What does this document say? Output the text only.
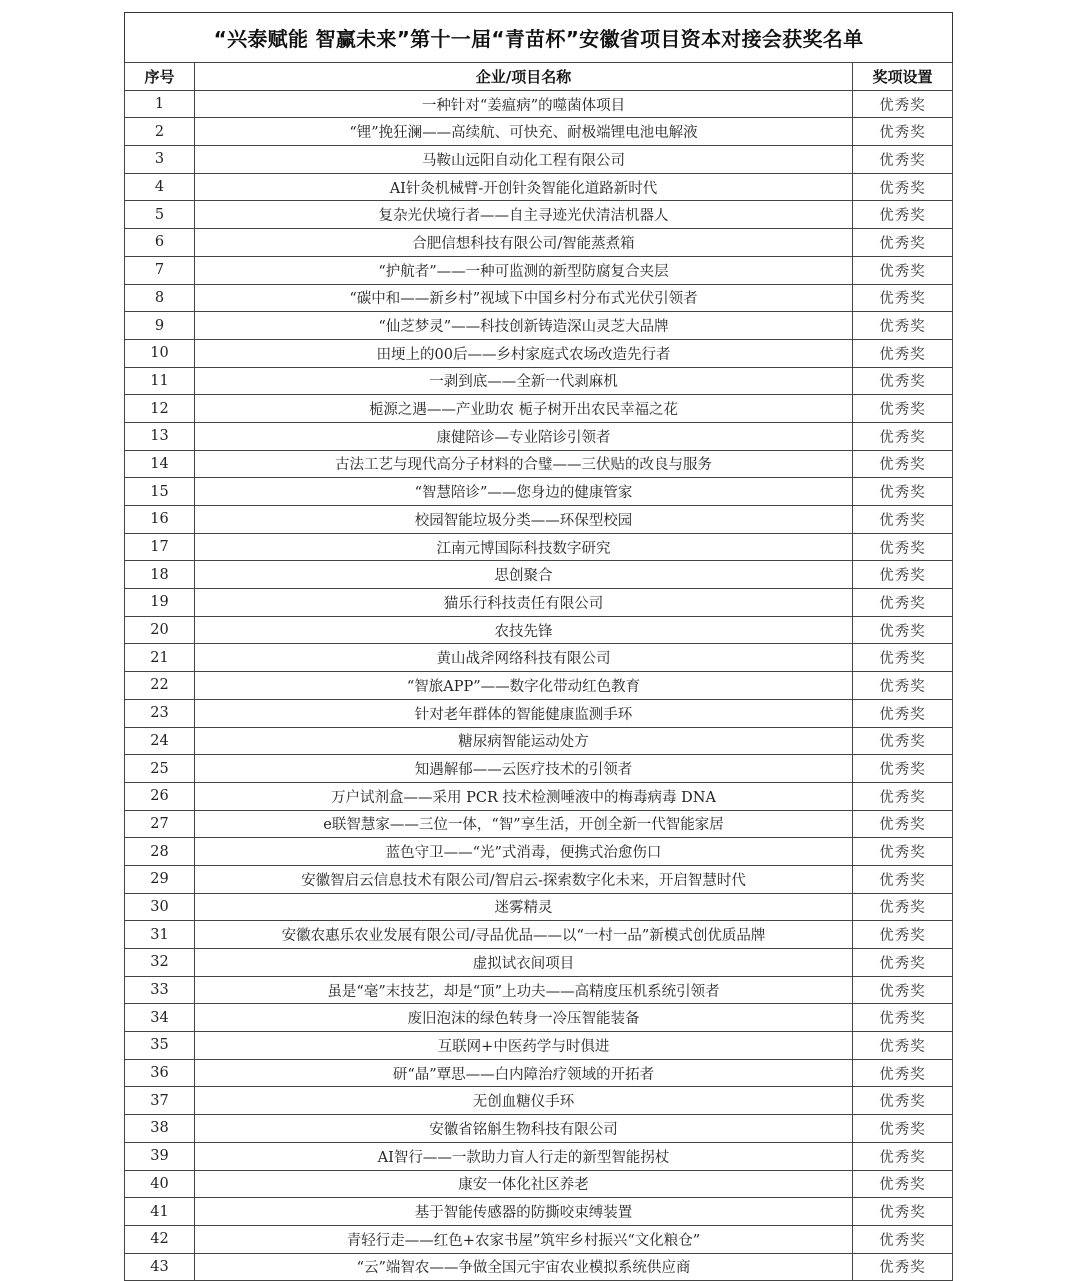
“兴泰赋能 智赢未来”第十一届“青苗杯”安徽省项目资本对接会获奖名单
序号	企业/项目名称	奖项设置
1	一种针对“姜瘟病”的噬菌体项目	优秀奖
2	“锂”挽狂澜——高续航、可快充、耐极端锂电池电解液	优秀奖
3	马鞍山远阳自动化工程有限公司	优秀奖
4	AI针灸机械臂-开创针灸智能化道路新时代	优秀奖
5	复杂光伏境行者——自主寻迹光伏清洁机器人	优秀奖
6	合肥信想科技有限公司/智能蒸煮箱	优秀奖
7	“护航者”——一种可监测的新型防腐复合夹层	优秀奖
8	“碳中和——新乡村”视域下中国乡村分布式光伏引领者	优秀奖
9	“仙芝梦灵”——科技创新铸造深山灵芝大品牌	优秀奖
10	田埂上的00后——乡村家庭式农场改造先行者	优秀奖
11	一剥到底——全新一代剥麻机	优秀奖
12	栀源之遇——产业助农 栀子树开出农民幸福之花	优秀奖
13	康健陪诊—专业陪诊引领者	优秀奖
14	古法工艺与现代高分子材料的合璧——三伏贴的改良与服务	优秀奖
15	“智慧陪诊”——您身边的健康管家	优秀奖
16	校园智能垃圾分类——环保型校园	优秀奖
17	江南元博国际科技数字研究	优秀奖
18	思创聚合	优秀奖
19	猫乐行科技责任有限公司	优秀奖
20	农技先锋	优秀奖
21	黄山战斧网络科技有限公司	优秀奖
22	“智旅APP”——数字化带动红色教育	优秀奖
23	针对老年群体的智能健康监测手环	优秀奖
24	糖尿病智能运动处方	优秀奖
25	知遇解郁——云医疗技术的引领者	优秀奖
26	万户试剂盒——采用 PCR 技术检测唾液中的梅毒病毒 DNA	优秀奖
27	e联智慧家——三位一体，“智”享生活，开创全新一代智能家居	优秀奖
28	蓝色守卫——“光”式消毒，便携式治愈伤口	优秀奖
29	安徽智启云信息技术有限公司/智启云-探索数字化未来，开启智慧时代	优秀奖
30	迷雾精灵	优秀奖
31	安徽农惠乐农业发展有限公司/寻品优品——以“一村一品”新模式创优质品牌	优秀奖
32	虚拟试衣间项目	优秀奖
33	虽是“毫”末技艺，却是“顶”上功夫——高精度压机系统引领者	优秀奖
34	废旧泡沫的绿色转身一冷压智能装备	优秀奖
35	互联网+中医药学与时俱进	优秀奖
36	研“晶”覃思——白内障治疗领域的开拓者	优秀奖
37	无创血糖仪手环	优秀奖
38	安徽省铭斛生物科技有限公司	优秀奖
39	AI智行——一款助力盲人行走的新型智能拐杖	优秀奖
40	康安一体化社区养老	优秀奖
41	基于智能传感器的防撕咬束缚装置	优秀奖
42	青轻行走——红色+农家书屋”筑牢乡村振兴“文化粮仓”	优秀奖
43	“云”端智农——争做全国元宇宙农业模拟系统供应商	优秀奖
